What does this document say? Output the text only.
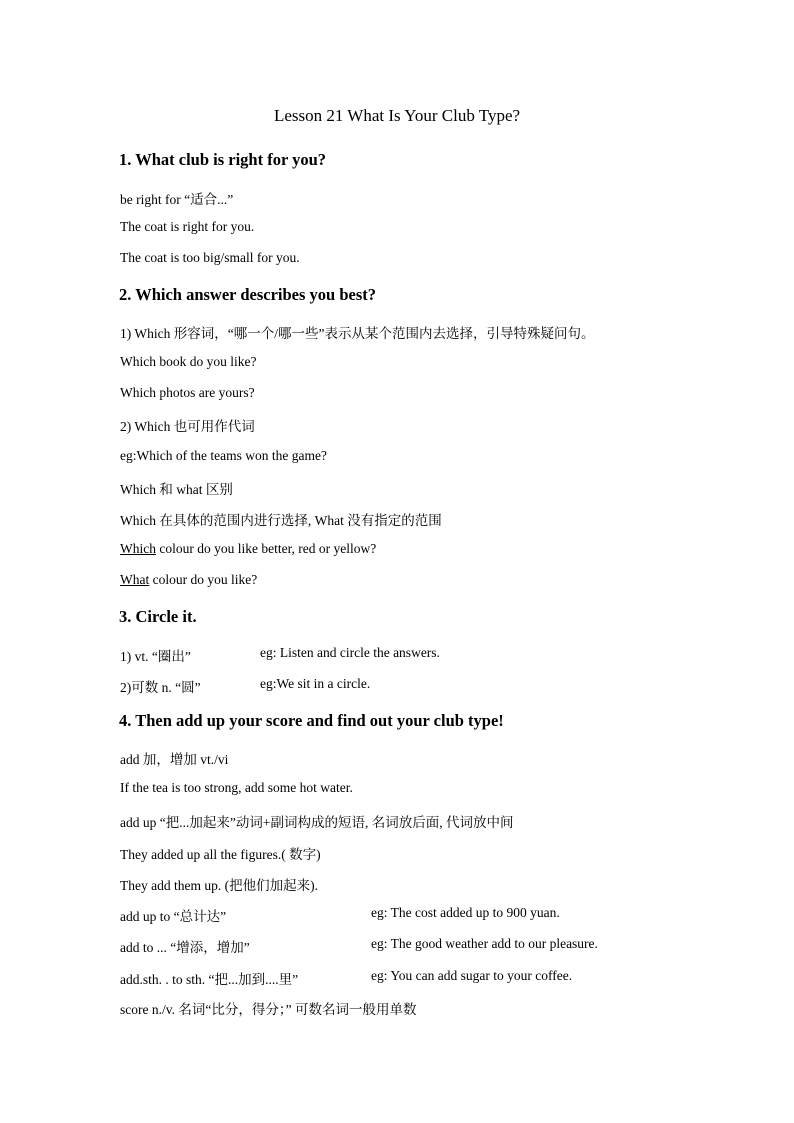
Lesson 21 What Is Your Club Type?
1. What club is right for you?
be right for “适合...”
The coat is right for you.
The coat is too big/small for you.
2. Which answer describes you best?
1) Which 形容词，“哪一个/哪一些”表示从某个范围内去选择，引导特殊疑问句。
Which book do you like?
Which photos are yours?
2) Which 也可用作代词
eg:Which of the teams won the game?
Which 和 what 区别
Which 在具体的范围内进行选择, What 没有指定的范围
Which colour do you like better, red or yellow?
What colour do you like?
3. Circle it.
1) vt. “圈出”	eg: Listen and circle the answers.
2)可数 n. “圆”	eg:We sit in a circle.
4. Then add up your score and find out your club type!
add 加，增加 vt./vi
If the tea is too strong, add some hot water.
add up “把...加起来”动词+副词构成的短语, 名词放后面, 代词放中间
They added up all the figures.( 数字)
They add them up. (把他们加起来).
add up to “总计达”	eg: The cost added up to 900 yuan.
add to ... “增添，增加”	eg: The good weather add to our pleasure.
add.sth. . to sth. “把...加到....里”	eg: You can add sugar to your coffee.
score n./v. 名词“比分，得分；” 可数名词一般用单数
